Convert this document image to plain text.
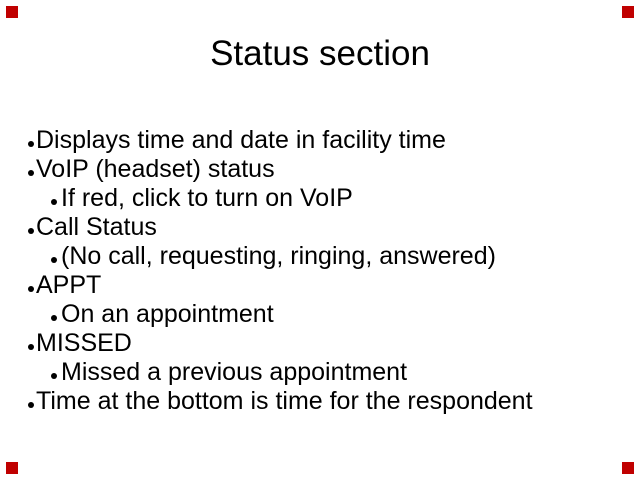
Status section
Displays time and date in facility time
VoIP (headset) status
If red, click to turn on VoIP
Call Status
(No call, requesting, ringing, answered)
APPT
On an appointment
MISSED
Missed a previous appointment
Time at the bottom is time for the respondent
